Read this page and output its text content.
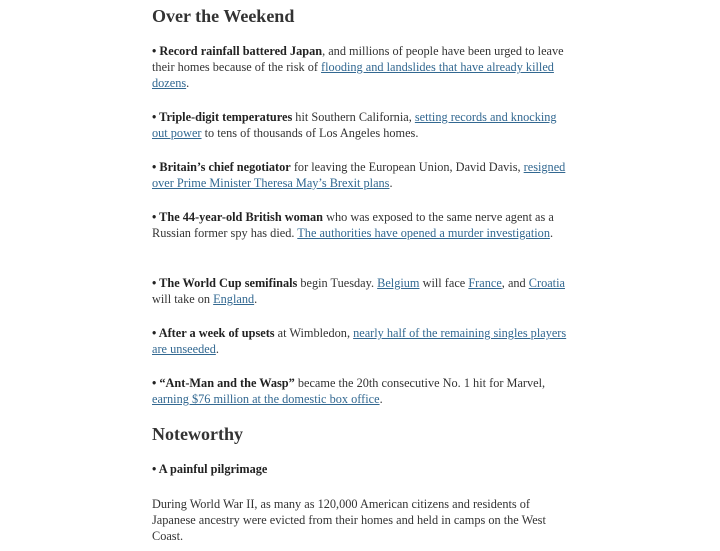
Over the Weekend

• Record rainfall battered Japan, and millions of people have been urged to leave their homes because of the risk of flooding and landslides that have already killed dozens.

• Triple-digit temperatures hit Southern California, setting records and knocking out power to tens of thousands of Los Angeles homes.

• Britain’s chief negotiator for leaving the European Union, David Davis, resigned over Prime Minister Theresa May’s Brexit plans.

• The 44-year-old British woman who was exposed to the same nerve agent as a Russian former spy has died. The authorities have opened a murder investigation.

• The World Cup semifinals begin Tuesday. Belgium will face France, and Croatia will take on England.

• After a week of upsets at Wimbledon, nearly half of the remaining singles players are unseeded.

• “Ant-Man and the Wasp” became the 20th consecutive No. 1 hit for Marvel, earning $76 million at the domestic box office.

Noteworthy

• A painful pilgrimage

During World War II, as many as 120,000 American citizens and residents of Japanese ancestry were evicted from their homes and held in camps on the West Coast.
